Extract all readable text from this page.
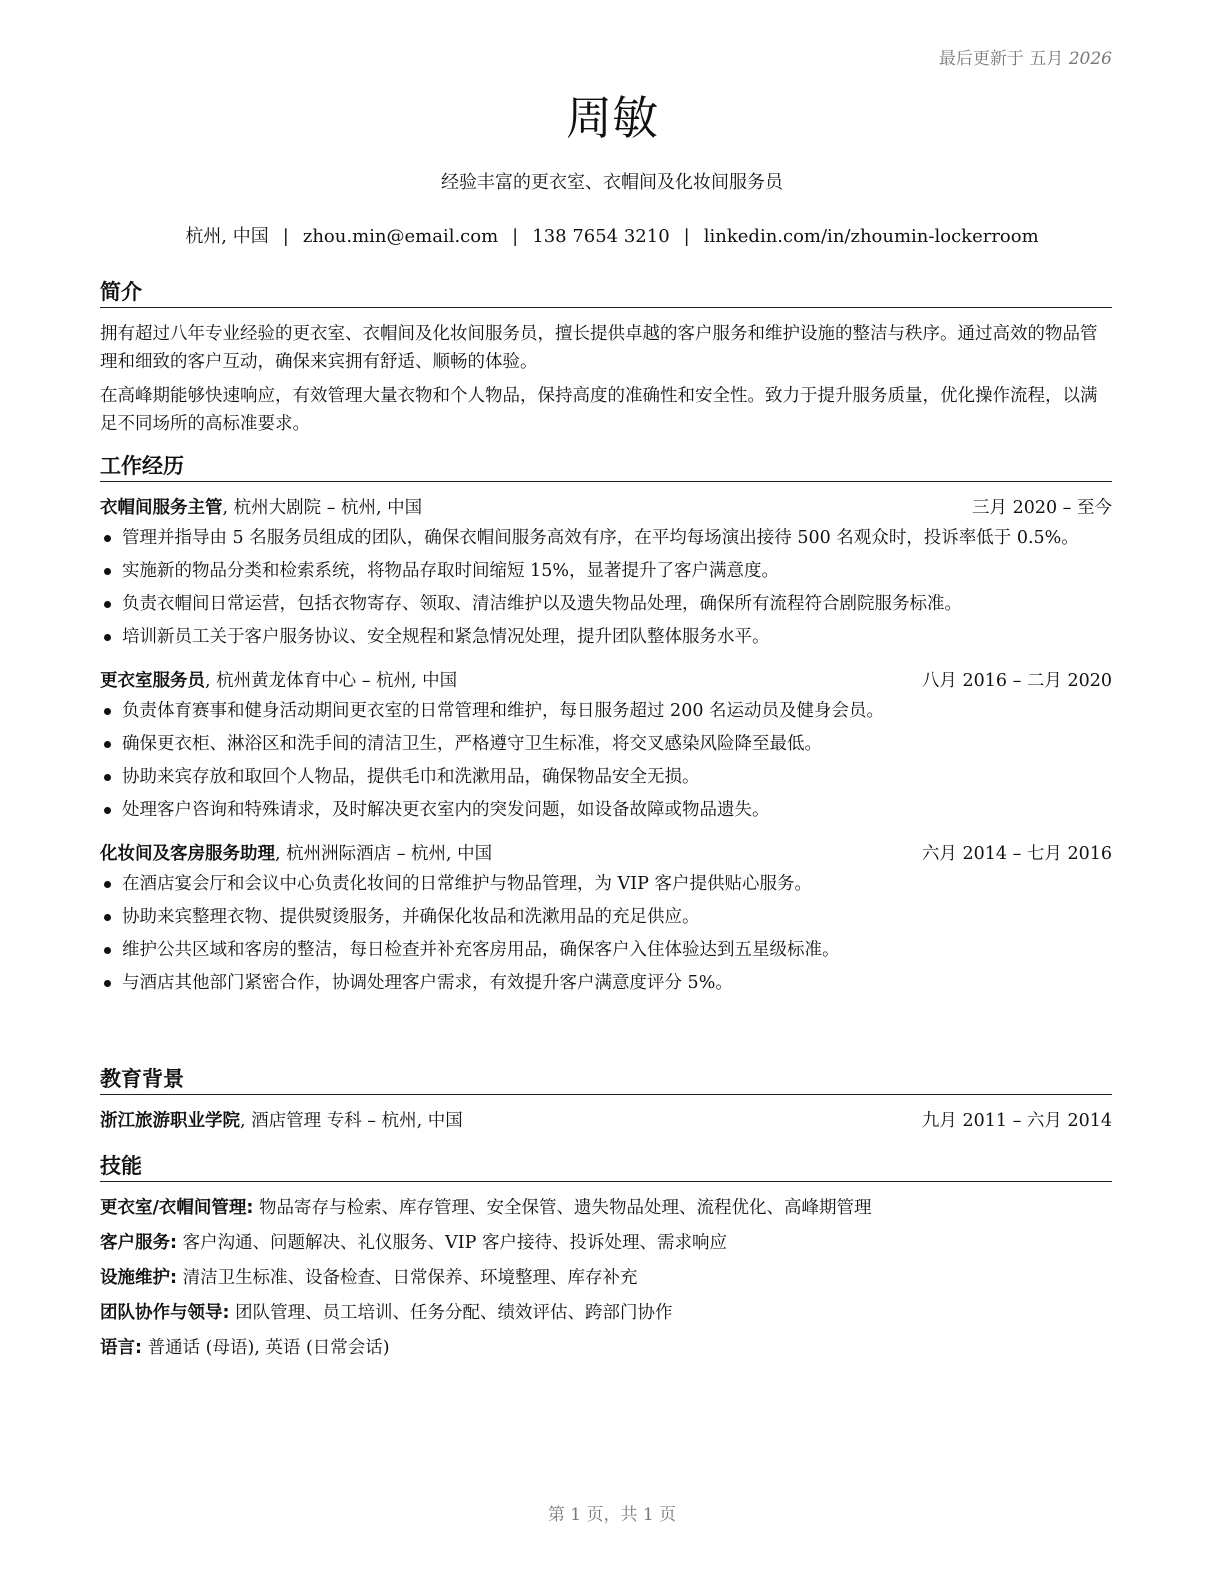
最后更新于 五月 2026
周敏
经验丰富的更衣室、衣帽间及化妆间服务员
杭州, 中国 | zhou.min@email.com | 138 7654 3210 | linkedin.com/in/zhoumin-lockerroom
简介

拥有超过八年专业经验的更衣室、衣帽间及化妆间服务员，擅长提供卓越的客户服务和维护设施的整洁与秩序。通过高效的物品管理和细致的客户互动，确保来宾拥有舒适、顺畅的体验。

在高峰期能够快速响应，有效管理大量衣物和个人物品，保持高度的准确性和安全性。致力于提升服务质量，优化操作流程，以满足不同场所的高标准要求。

工作经历
衣帽间服务主管, 杭州大剧院 – 杭州, 中国	三月 2020 – 至今
管理并指导由 5 名服务员组成的团队，确保衣帽间服务高效有序，在平均每场演出接待 500 名观众时，投诉率低于 0.5%。
实施新的物品分类和检索系统，将物品存取时间缩短 15%，显著提升了客户满意度。
负责衣帽间日常运营，包括衣物寄存、领取、清洁维护以及遗失物品处理，确保所有流程符合剧院服务标准。
培训新员工关于客户服务协议、安全规程和紧急情况处理，提升团队整体服务水平。
更衣室服务员, 杭州黄龙体育中心 – 杭州, 中国	八月 2016 – 二月 2020
负责体育赛事和健身活动期间更衣室的日常管理和维护，每日服务超过 200 名运动员及健身会员。
确保更衣柜、淋浴区和洗手间的清洁卫生，严格遵守卫生标准，将交叉感染风险降至最低。
协助来宾存放和取回个人物品，提供毛巾和洗漱用品，确保物品安全无损。
处理客户咨询和特殊请求，及时解决更衣室内的突发问题，如设备故障或物品遗失。
化妆间及客房服务助理, 杭州洲际酒店 – 杭州, 中国	六月 2014 – 七月 2016
在酒店宴会厅和会议中心负责化妆间的日常维护与物品管理，为 VIP 客户提供贴心服务。
协助来宾整理衣物、提供熨烫服务，并确保化妆品和洗漱用品的充足供应。
维护公共区域和客房的整洁，每日检查并补充客房用品，确保客户入住体验达到五星级标准。
与酒店其他部门紧密合作，协调处理客户需求，有效提升客户满意度评分 5%。
教育背景
浙江旅游职业学院, 酒店管理 专科 – 杭州, 中国	九月 2011 – 六月 2014
技能
更衣室/衣帽间管理: 物品寄存与检索、库存管理、安全保管、遗失物品处理、流程优化、高峰期管理
客户服务: 客户沟通、问题解决、礼仪服务、VIP 客户接待、投诉处理、需求响应
设施维护: 清洁卫生标准、设备检查、日常保养、环境整理、库存补充
团队协作与领导: 团队管理、员工培训、任务分配、绩效评估、跨部门协作
语言: 普通话 (母语), 英语 (日常会话)
第 1 页，共 1 页
